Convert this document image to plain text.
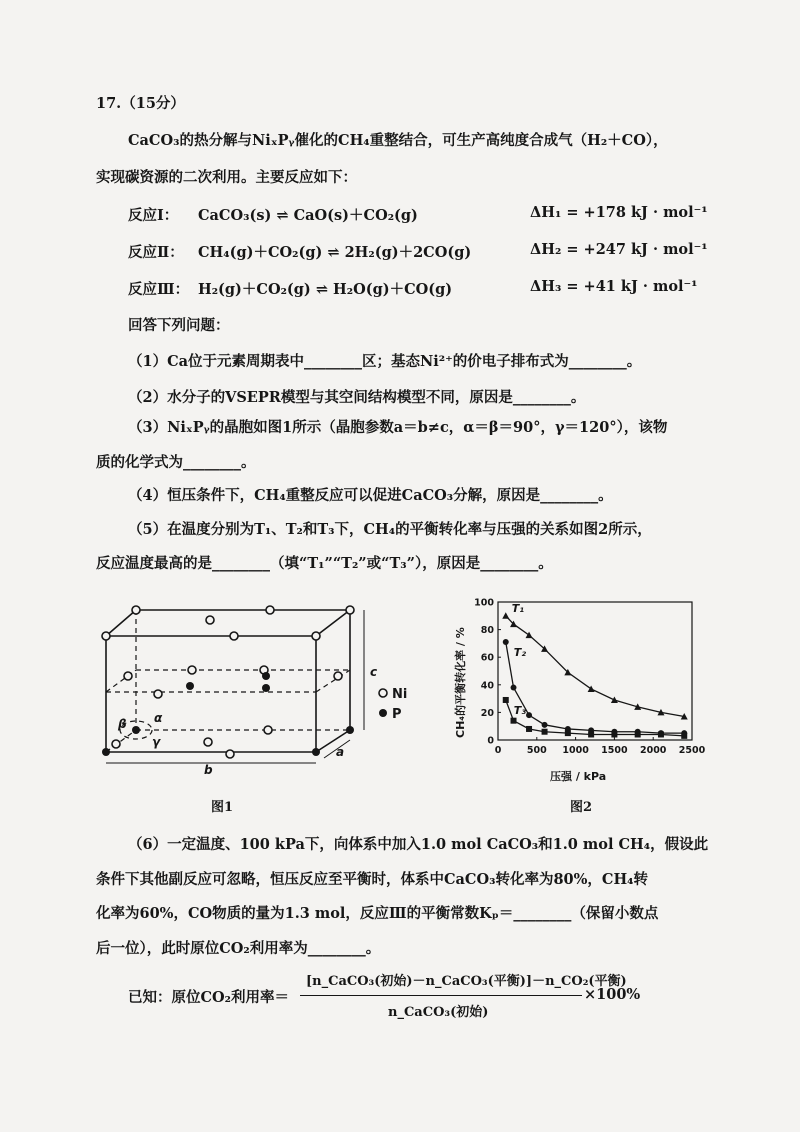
17.（15分）
CaCO₃的热分解与NiₓPᵧ催化的CH₄重整结合，可生产高纯度合成气（H₂＋CO），
实现碳资源的二次利用。主要反应如下：
反应Ⅰ： CaCO₃(s) ⇌ CaO(s)＋CO₂(g)	ΔH₁ = +178 kJ · mol⁻¹
反应Ⅱ： CH₄(g)＋CO₂(g) ⇌ 2H₂(g)＋2CO(g)	ΔH₂ = +247 kJ · mol⁻¹
反应Ⅲ： H₂(g)＋CO₂(g) ⇌ H₂O(g)＋CO(g)	ΔH₃ = +41 kJ · mol⁻¹
回答下列问题：
（1）Ca位于元素周期表中________区；基态Ni²⁺的价电子排布式为________。
（2）水分子的VSEPR模型与其空间结构模型不同，原因是________。
（3）NiₓPᵧ的晶胞如图1所示（晶胞参数a＝b≠c，α＝β＝90°，γ＝120°），该物
质的化学式为________。
（4）恒压条件下，CH₄重整反应可以促进CaCO₃分解，原因是________。
（5）在温度分别为T₁、T₂和T₃下，CH₄的平衡转化率与压强的关系如图2所示，
反应温度最高的是________（填“T₁”“T₂”或“T₃”），原因是________。
α
β
γ
a
b
c
Ni
P
图1
0	500 1000 1500 2000 2500
0
20
40
60
80
100 T₁
T₂
T₃
压强 / kPa
CH₄的平衡转化率 / %
图2
（6）一定温度、100 kPa下，向体系中加入1.0 mol CaCO₃和1.0 mol CH₄，假设此
条件下其他副反应可忽略，恒压反应至平衡时，体系中CaCO₃转化率为80%，CH₄转
化率为60%，CO物质的量为1.3 mol，反应Ⅲ的平衡常数Kₚ＝________（保留小数点
后一位），此时原位CO₂利用率为________。
已知：原位CO₂利用率＝
[n_CaCO₃(初始)－n_CaCO₃(平衡)]－n_CO₂(平衡)
n_CaCO₃(初始)
×100%
